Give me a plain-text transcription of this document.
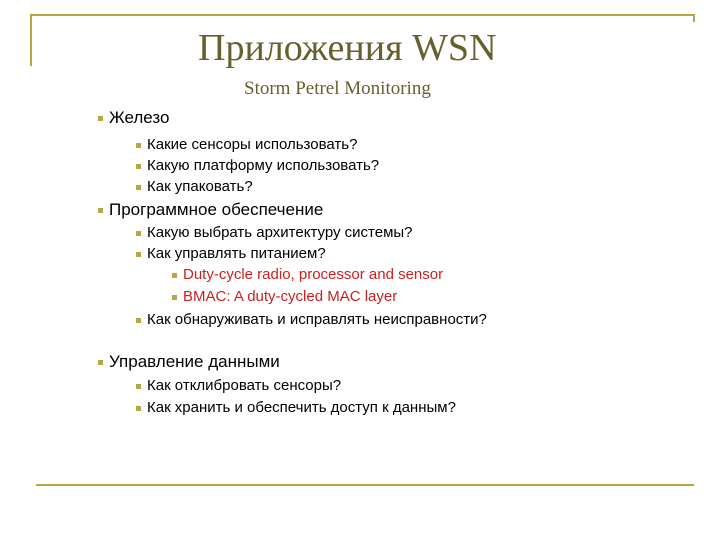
Приложения WSN
Storm Petrel Monitoring
Железо
Какие сенсоры использовать?
Какую платформу использовать?
Как упаковать?
Программное обеспечение
Какую выбрать архитектуру системы?
Как управлять питанием?
Duty-cycle radio, processor and sensor
BMAC: A duty-cycled MAC layer
Как обнаруживать и исправлять неисправности?
Управление данными
Как отклибровать сенсоры?
Как хранить и обеспечить доступ к данным?
